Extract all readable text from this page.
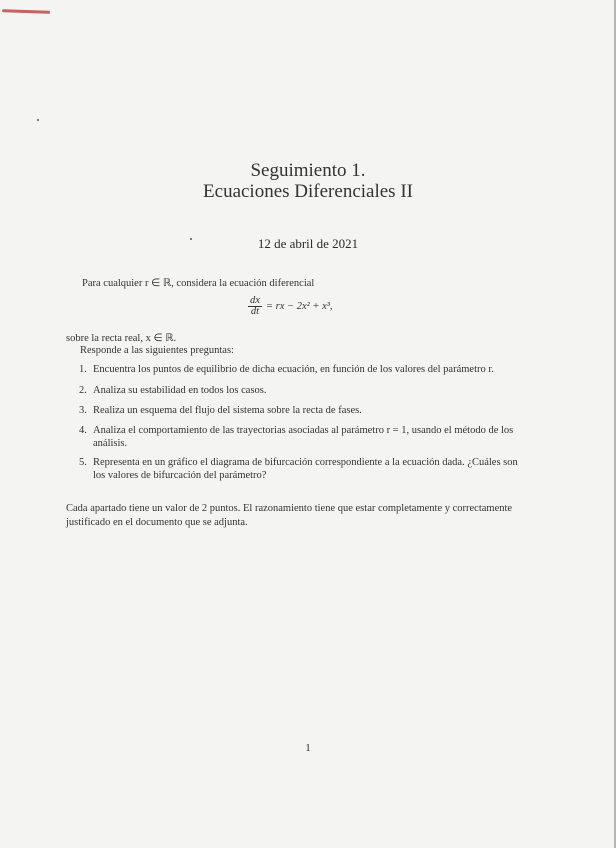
Seguimiento 1.
Ecuaciones Diferenciales II
12 de abril de 2021
Para cualquier r ∈ ℝ, considera la ecuación diferencial
$\frac{dx}{dt}$ = rx − 2x² + x³,
sobre la recta real, x ∈ ℝ.
Responde a las siguientes preguntas:
1. Encuentra los puntos de equilibrio de dicha ecuación, en función de los valores del parámetro r.
2. Analiza su estabilidad en todos los casos.
3. Realiza un esquema del flujo del sistema sobre la recta de fases.
4. Analiza el comportamiento de las trayectorias asociadas al parámetro r = 1, usando el método de los análisis.
5. Representa en un gráfico el diagrama de bifurcación correspondiente a la ecuación dada. ¿Cuáles son los valores de bifurcación del parámetro?
Cada apartado tiene un valor de 2 puntos. El razonamiento tiene que estar completamente y correctamente justificado en el documento que se adjunta.
1
